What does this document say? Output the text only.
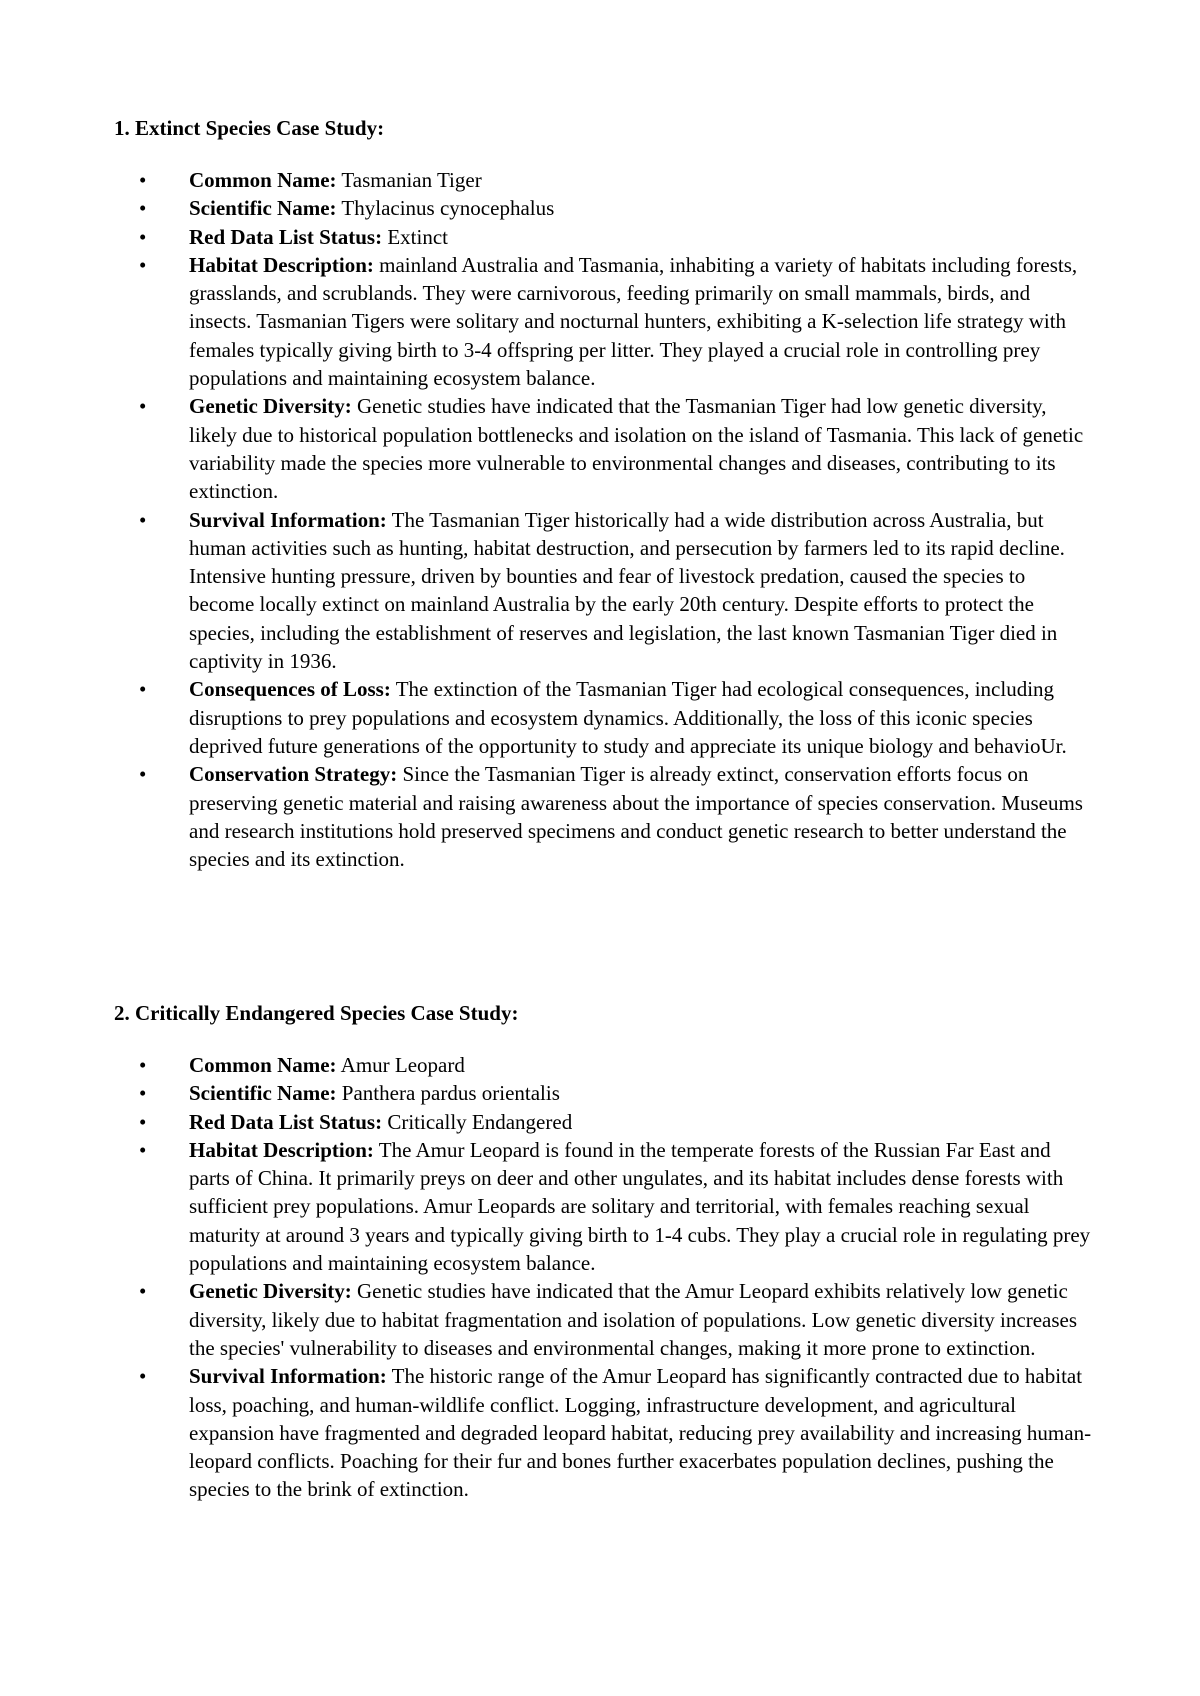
1. Extinct Species Case Study:
• Common Name: Tasmanian Tiger
• Scientific Name: Thylacinus cynocephalus
• Red Data List Status: Extinct
• Habitat Description: mainland Australia and Tasmania, inhabiting a variety of habitats including forests, grasslands, and scrublands. They were carnivorous, feeding primarily on small mammals, birds, and insects. Tasmanian Tigers were solitary and nocturnal hunters, exhibiting a K-selection life strategy with females typically giving birth to 3-4 offspring per litter. They played a crucial role in controlling prey populations and maintaining ecosystem balance.
• Genetic Diversity: Genetic studies have indicated that the Tasmanian Tiger had low genetic diversity, likely due to historical population bottlenecks and isolation on the island of Tasmania. This lack of genetic variability made the species more vulnerable to environmental changes and diseases, contributing to its extinction.
• Survival Information: The Tasmanian Tiger historically had a wide distribution across Australia, but human activities such as hunting, habitat destruction, and persecution by farmers led to its rapid decline. Intensive hunting pressure, driven by bounties and fear of livestock predation, caused the species to become locally extinct on mainland Australia by the early 20th century. Despite efforts to protect the species, including the establishment of reserves and legislation, the last known Tasmanian Tiger died in captivity in 1936.
• Consequences of Loss: The extinction of the Tasmanian Tiger had ecological consequences, including disruptions to prey populations and ecosystem dynamics. Additionally, the loss of this iconic species deprived future generations of the opportunity to study and appreciate its unique biology and behavioUr.
• Conservation Strategy: Since the Tasmanian Tiger is already extinct, conservation efforts focus on preserving genetic material and raising awareness about the importance of species conservation. Museums and research institutions hold preserved specimens and conduct genetic research to better understand the species and its extinction.
2. Critically Endangered Species Case Study:
• Common Name: Amur Leopard
• Scientific Name: Panthera pardus orientalis
• Red Data List Status: Critically Endangered
• Habitat Description: The Amur Leopard is found in the temperate forests of the Russian Far East and parts of China. It primarily preys on deer and other ungulates, and its habitat includes dense forests with sufficient prey populations. Amur Leopards are solitary and territorial, with females reaching sexual maturity at around 3 years and typically giving birth to 1-4 cubs. They play a crucial role in regulating prey populations and maintaining ecosystem balance.
• Genetic Diversity: Genetic studies have indicated that the Amur Leopard exhibits relatively low genetic diversity, likely due to habitat fragmentation and isolation of populations. Low genetic diversity increases the species' vulnerability to diseases and environmental changes, making it more prone to extinction.
• Survival Information: The historic range of the Amur Leopard has significantly contracted due to habitat loss, poaching, and human-wildlife conflict. Logging, infrastructure development, and agricultural expansion have fragmented and degraded leopard habitat, reducing prey availability and increasing human-leopard conflicts. Poaching for their fur and bones further exacerbates population declines, pushing the species to the brink of extinction.
